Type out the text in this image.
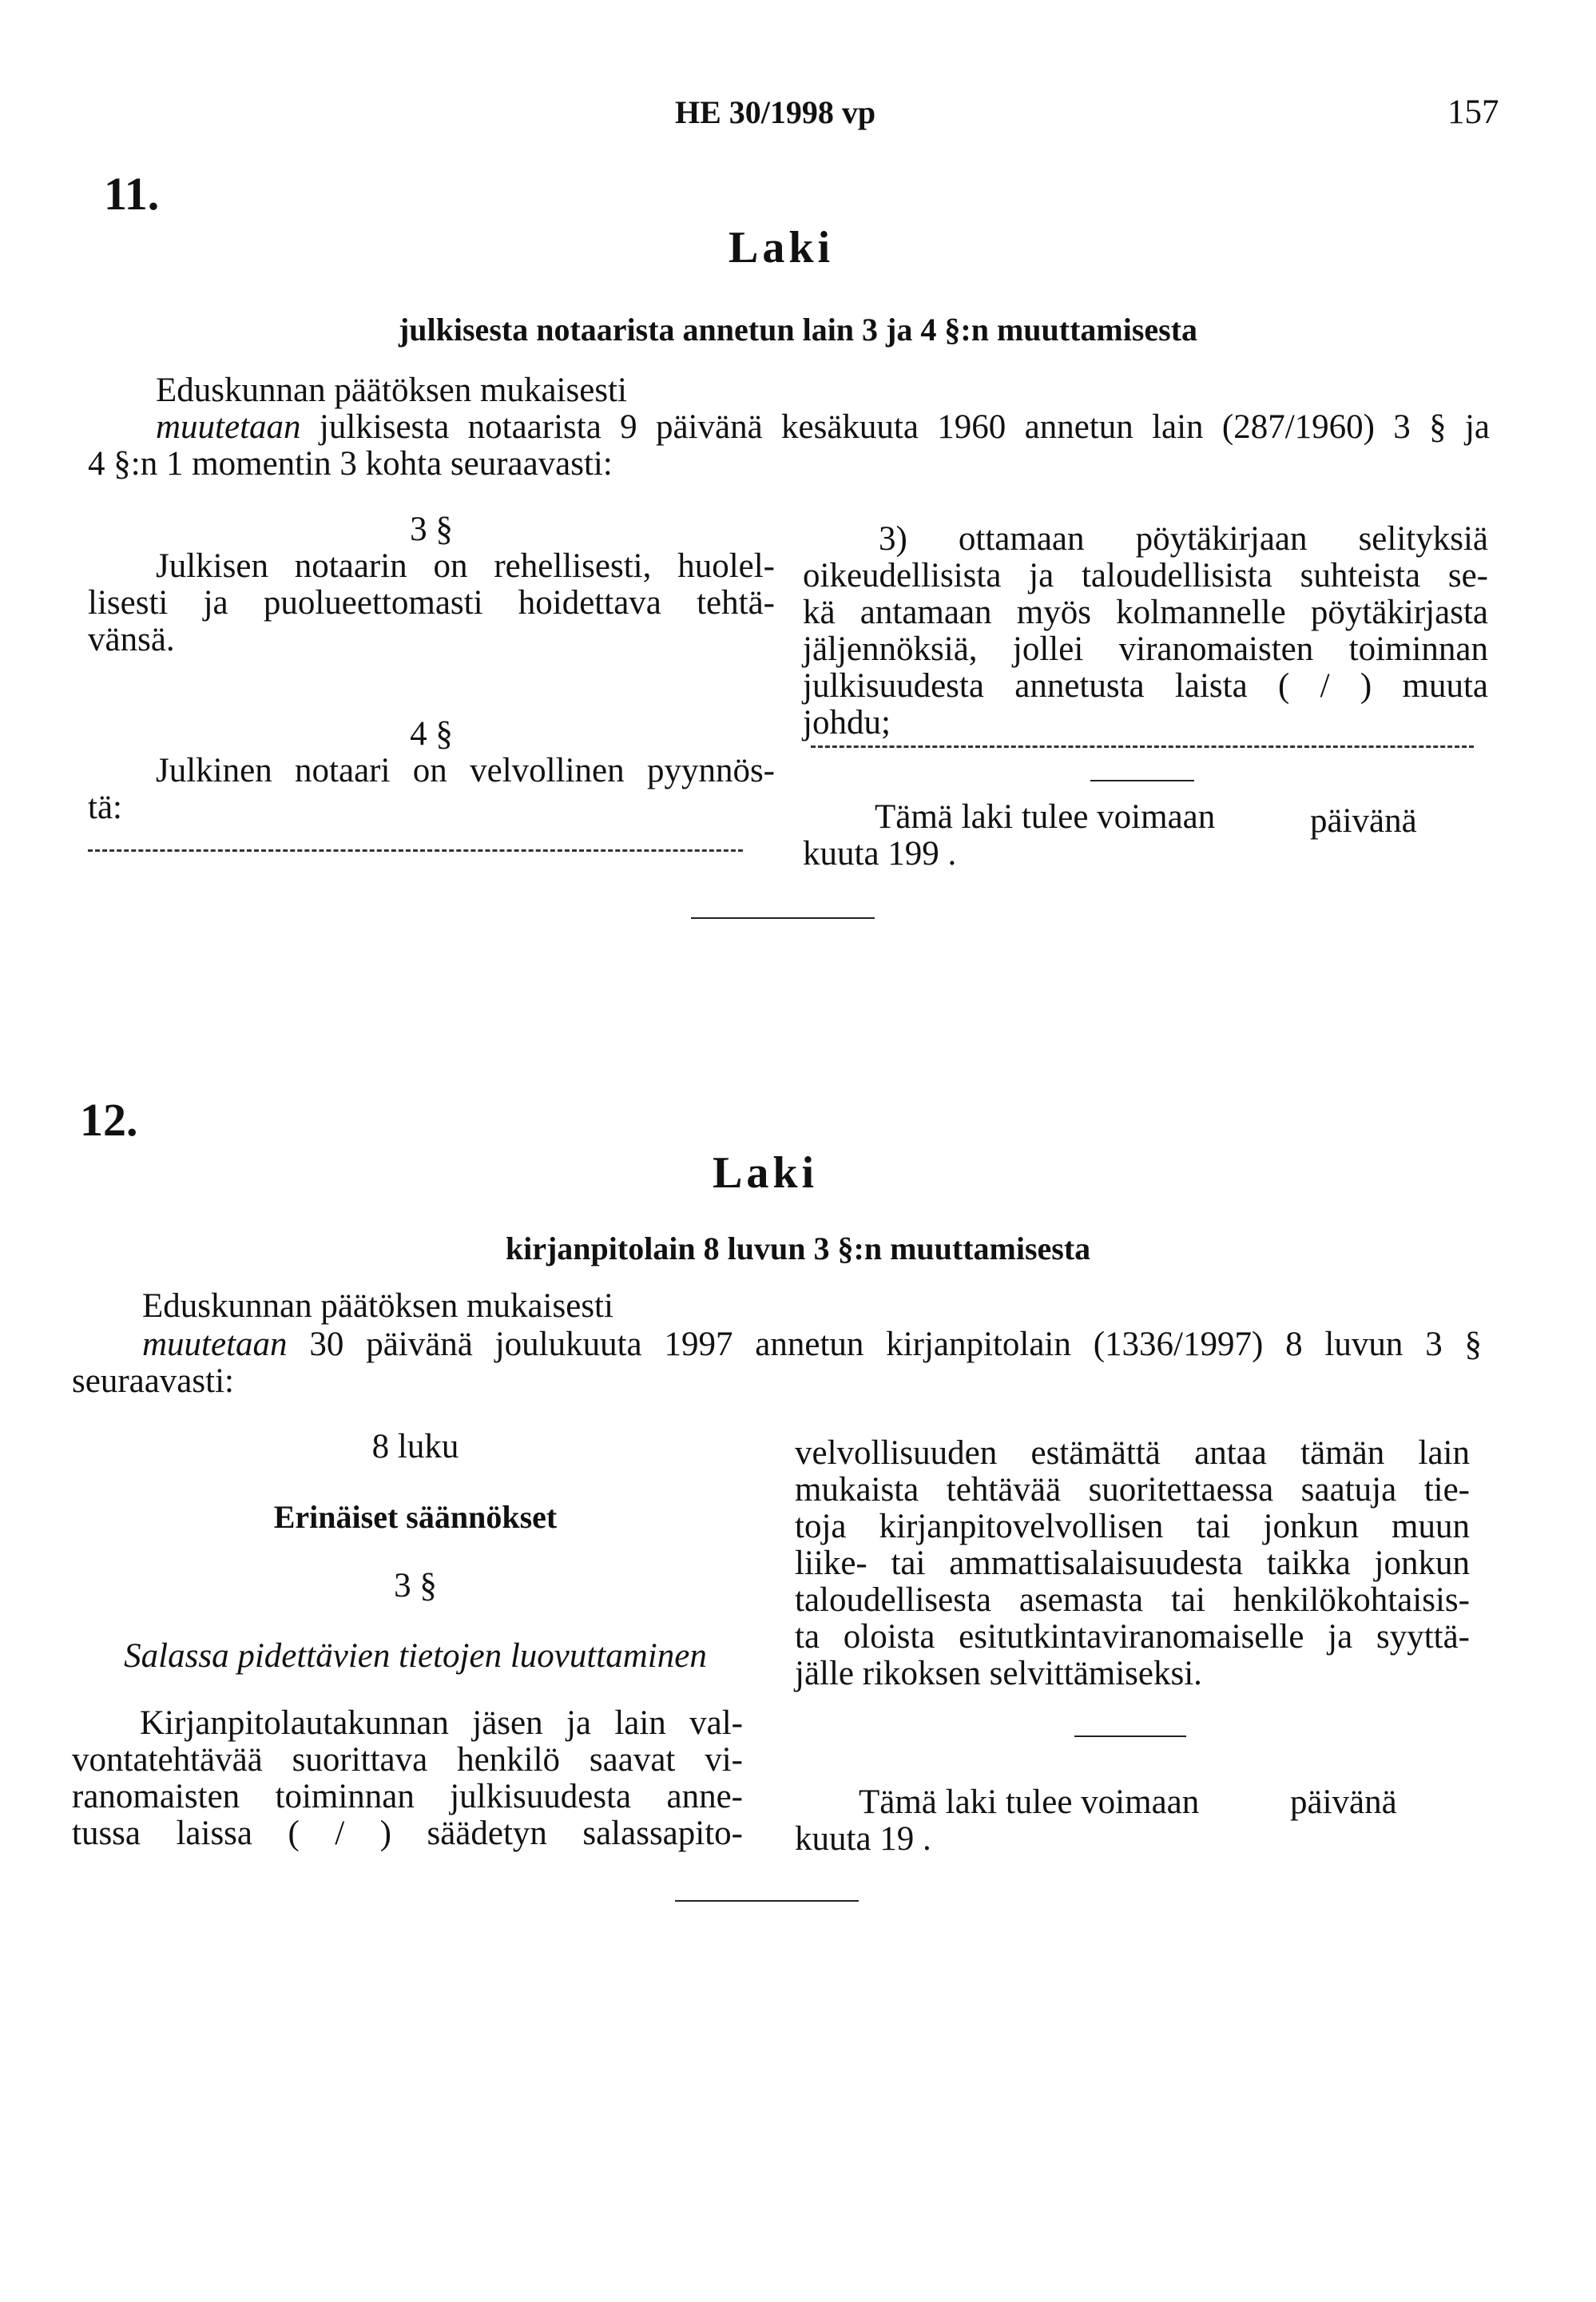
HE 30/1998 vp	157
11.
Laki
julkisesta notaarista annetun lain 3 ja 4 §:n muuttamisesta
Eduskunnan päätöksen mukaisesti
muutetaan julkisesta notaarista 9 päivänä kesäkuuta 1960 annetun lain (287/1960) 3 § ja
4 §:n 1 momentin 3 kohta seuraavasti:
3 §
Julkisen notaarin on rehellisesti, huolel-
lisesti ja puolueettomasti hoidettava tehtä-
vänsä.
4 §
Julkinen notaari on velvollinen pyynnös-
tä:
3) ottamaan pöytäkirjaan selityksiä
oikeudellisista ja taloudellisista suhteista se-
kä antamaan myös kolmannelle pöytäkirjasta
jäljennöksiä, jollei viranomaisten toiminnan
julkisuudesta annetusta laista ( / ) muuta
johdu;
Tämä laki tulee voimaan	päivänä
kuuta 199 .
12.
Laki
kirjanpitolain 8 luvun 3 §:n muuttamisesta
Eduskunnan päätöksen mukaisesti
muutetaan 30 päivänä joulukuuta 1997 annetun kirjanpitolain (1336/1997) 8 luvun 3 §
seuraavasti:
8 luku
Erinäiset säännökset
3 §
Salassa pidettävien tietojen luovuttaminen
Kirjanpitolautakunnan jäsen ja lain val-
vontatehtävää suorittava henkilö saavat vi-
ranomaisten toiminnan julkisuudesta anne-
tussa laissa ( / ) säädetyn salassapito-
velvollisuuden estämättä antaa tämän lain
mukaista tehtävää suoritettaessa saatuja tie-
toja kirjanpitovelvollisen tai jonkun muun
liike- tai ammattisalaisuudesta taikka jonkun
taloudellisesta asemasta tai henkilökohtaisis-
ta oloista esitutkintaviranomaiselle ja syyttä-
jälle rikoksen selvittämiseksi.
Tämä laki tulee voimaan	päivänä
kuuta 19 .
